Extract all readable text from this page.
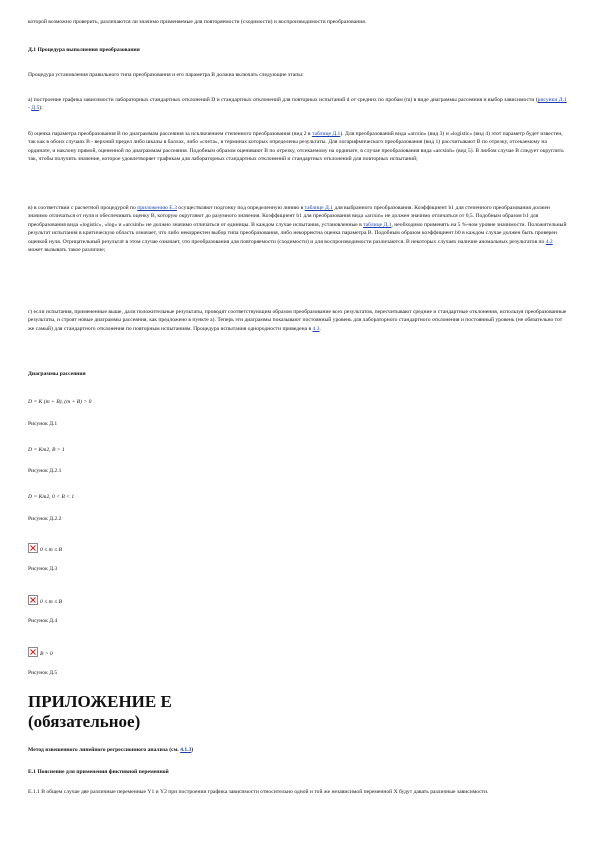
которой возможно проверить, различаются ли значимо применяемые для повторяемости (сходимости) и воспроизводимости преобразования.

Д.1 Процедура выполнения преобразования

Процедура установления правильного типа преобразования и его параметра B должна включать следующие этапы:

а) построение графика зависимости лабораторных стандартных отклонений D и стандартных отклонений для повторных испытаний d от средних по пробам (m) в виде диаграммы рассеяния и выбор зависимости (рисунки Д.1 - Д.5);

б) оценка параметра преобразования B по диаграммам рассеяния за исключением степенного преобразования (вид 2 в таблице Д.1). Для преобразований вида «arcsin» (вид 3) и «logistic» (вид 4) этот параметр будет известен, так как в обоих случаях B - верхний предел либо шкалы в баллах, либо «счета», в терминах которых определены результаты. Для логарифмического преобразования (вид 1) рассчитывают B по отрезку, отсекаемому на ординате, и наклону прямой, оцененной по диаграммам рассеяния. Подобным образом оценивают B по отрезку, отсекаемому на ординате, в случае преобразования вида «arcsinh» (вид 5). В любом случае B следует округлить так, чтобы получить значение, которое удовлетворяет графикам для лабораторных стандартных отклонений и стандартных отклонений для повторных испытаний;

в) в соответствии с расчетной процедурой по приложению Е.3 осуществляют подгонку под определенную линию в таблице Д.1 для выбранного преобразования. Коэффициент b1 для степенного преобразования должен значимо отличаться от нуля и обеспечивать оценку B, которую округляют до разумного значения. Коэффициент b1 для преобразования вида «arcsin» не должен значимо отличаться от 0,5. Подобным образом b1 для преобразования вида «logistic», «log» и «arcsinh» не должно значимо отличаться от единицы. В каждом случае испытания, установленные в таблице Д.1, необходимо применять на 5 %-ном уровне значимости. Положительный результат испытания в критическую область означает, что либо некорректен выбор типа преобразования, либо некорректна оценка параметра B. Подобным образом коэффициент b0 в каждом случае должен быть проверен оценкой нуля. Отрицательный результат в этом случае означает, что преобразования для повторяемости (сходимости) и для воспроизводимости различаются. В некоторых случаях наличие аномальных результатов по 4.2 может вызывать такое различие;

г) если испытания, примененные выше, дали положительные результаты, проводят соответствующим образом преобразование всех результатов, пересчитывают средние и стандартные отклонения, используя преобразованные результаты, и строят новые диаграммы рассеяния, как предложено в пункте а). Теперь эти диаграммы показывают постоянный уровень для лабораторного стандартного отклонения и постоянный уровень (не обязательно тот же самый) для стандартного отклонения по повторным испытаниям. Процедура испытания однородности приведена в 4.3.

Диаграммы рассеяния

D = K (m + B), (m + B) > 0

Рисунок Д.1

D = Km2, B > 1

Рисунок Д.2.1

D = Km2, 0 < B < 1

Рисунок Д.2.2

0 ≤ m ≤ B

Рисунок Д.3

0 ≤ m ≤ B

Рисунок Д.4

B > 0

Рисунок Д.5

ПРИЛОЖЕНИЕ Е
(обязательное)

Метод взвешенного линейного регрессионного анализа (см. 4.1.3)

Е.1 Пояснение для применения фиктивной переменной

Е.1.1 В общем случае две различные переменные Y1 и Y2 при построении графика зависимости относительно одной и той же независимой переменной X будут давать различные зависимости.
